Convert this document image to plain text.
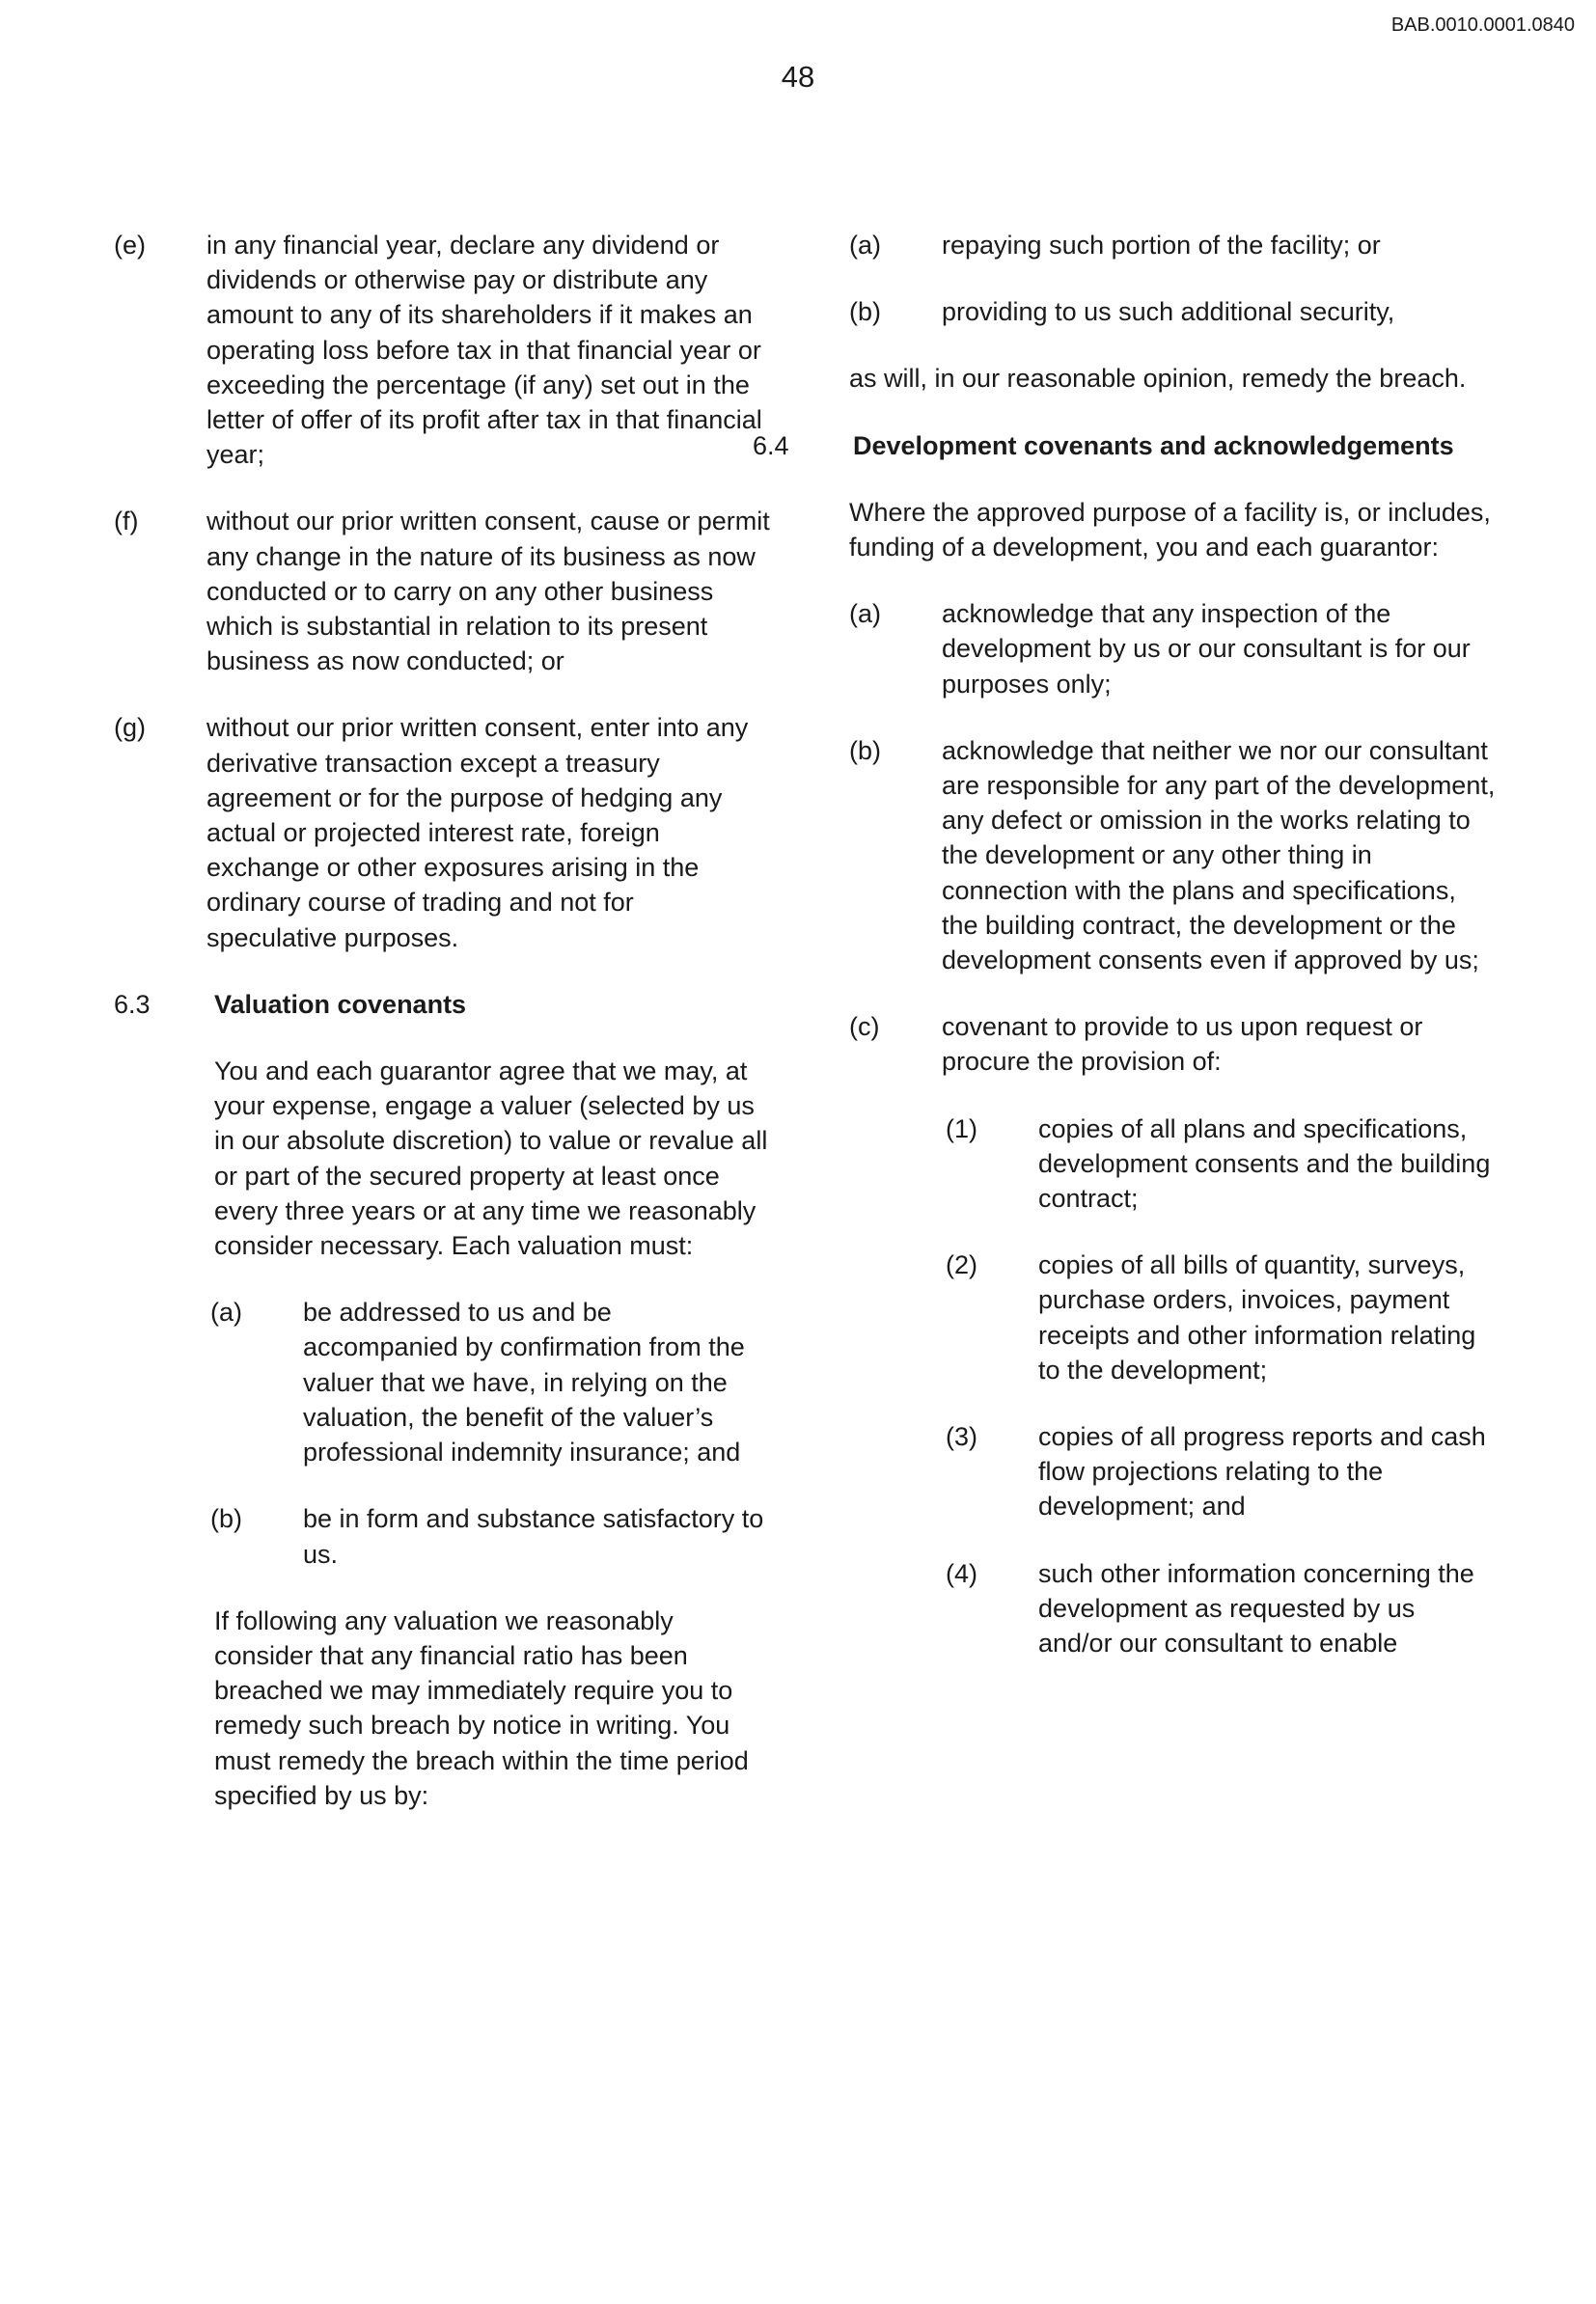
BAB.0010.0001.0840
48
(e) in any financial year, declare any dividend or dividends or otherwise pay or distribute any amount to any of its shareholders if it makes an operating loss before tax in that financial year or exceeding the percentage (if any) set out in the letter of offer of its profit after tax in that financial year;
(f)	without our prior written consent, cause or permit any change in the nature of its business as now conducted or to carry on any other business which is substantial in relation to its present business as now conducted; or
(g) without our prior written consent, enter into any derivative transaction except a treasury agreement or for the purpose of hedging any actual or projected interest rate, foreign exchange or other exposures arising in the ordinary course of trading and not for speculative purposes.
6.3 Valuation covenants
You and each guarantor agree that we may, at your expense, engage a valuer (selected by us in our absolute discretion) to value or revalue all or part of the secured property at least once every three years or at any time we reasonably consider necessary. Each valuation must:
(a) be addressed to us and be accompanied by confirmation from the valuer that we have, in relying on the valuation, the benefit of the valuer’s professional indemnity insurance; and
(b) be in form and substance satisfactory to us.
If following any valuation we reasonably consider that any financial ratio has been breached we may immediately require you to remedy such breach by notice in writing. You must remedy the breach within the time period specified by us by:
(a) repaying such portion of the facility; or
(b) providing to us such additional security,
as will, in our reasonable opinion, remedy the breach.
6.4 Development covenants and acknowledgements
Where the approved purpose of a facility is, or includes, funding of a development, you and each guarantor:
(a) acknowledge that any inspection of the development by us or our consultant is for our purposes only;
(b) acknowledge that neither we nor our consultant are responsible for any part of the development, any defect or omission in the works relating to the development or any other thing in connection with the plans and specifications, the building contract, the development or the development consents even if approved by us;
(c) covenant to provide to us upon request or procure the provision of:
(1) copies of all plans and specifications, development consents and the building contract;
(2) copies of all bills of quantity, surveys, purchase orders, invoices, payment receipts and other information relating to the development;
(3) copies of all progress reports and cash flow projections relating to the development; and
(4) such other information concerning the development as requested by us and/or our consultant to enable
